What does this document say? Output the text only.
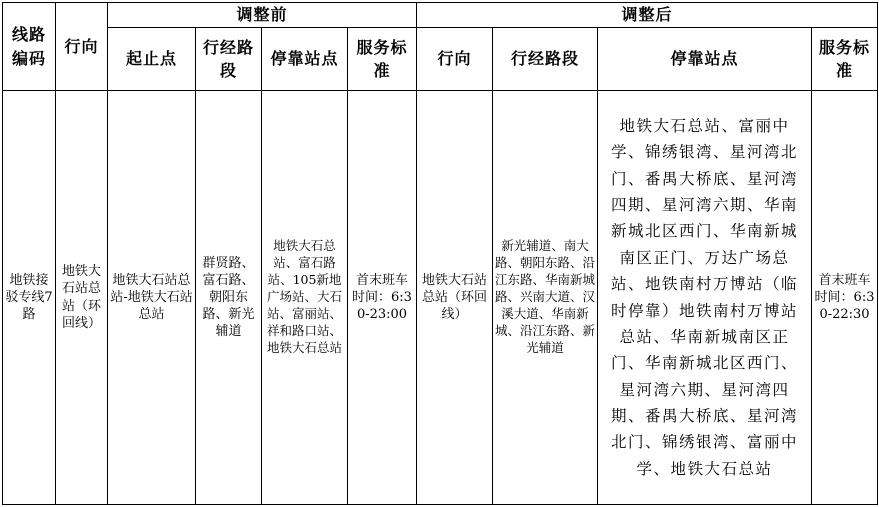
线路编码	行向	调整前				调整后			
		起止点	行经路段	停靠站点	服务标准	行向	行经路段	停靠站点	服务标准
地铁接驳专线7路	地铁大石站总站（环回线）	地铁大石站总站-地铁大石站总站	群贤路、富石路、朝阳东路、新光辅道	地铁大石总站、富石路站、105新地广场站、大石站、富丽站、祥和路口站、地铁大石总站	首末班车时间：6:30-23:00	地铁大石站总站（环回线）	新光辅道、南大路、朝阳东路、沿江东路、华南新城路、兴南大道、汉溪大道、华南新城、沿江东路、新光辅道	地铁大石总站、富丽中学、锦绣银湾、星河湾北门、番禺大桥底、星河湾四期、星河湾六期、华南新城北区西门、华南新城南区正门、万达广场总站、地铁南村万博站（临时停靠）地铁南村万博站总站、华南新城南区正门、华南新城北区西门、星河湾六期、星河湾四期、番禺大桥底、星河湾北门、锦绣银湾、富丽中学、地铁大石总站	首末班车时间：6:30-22:30
